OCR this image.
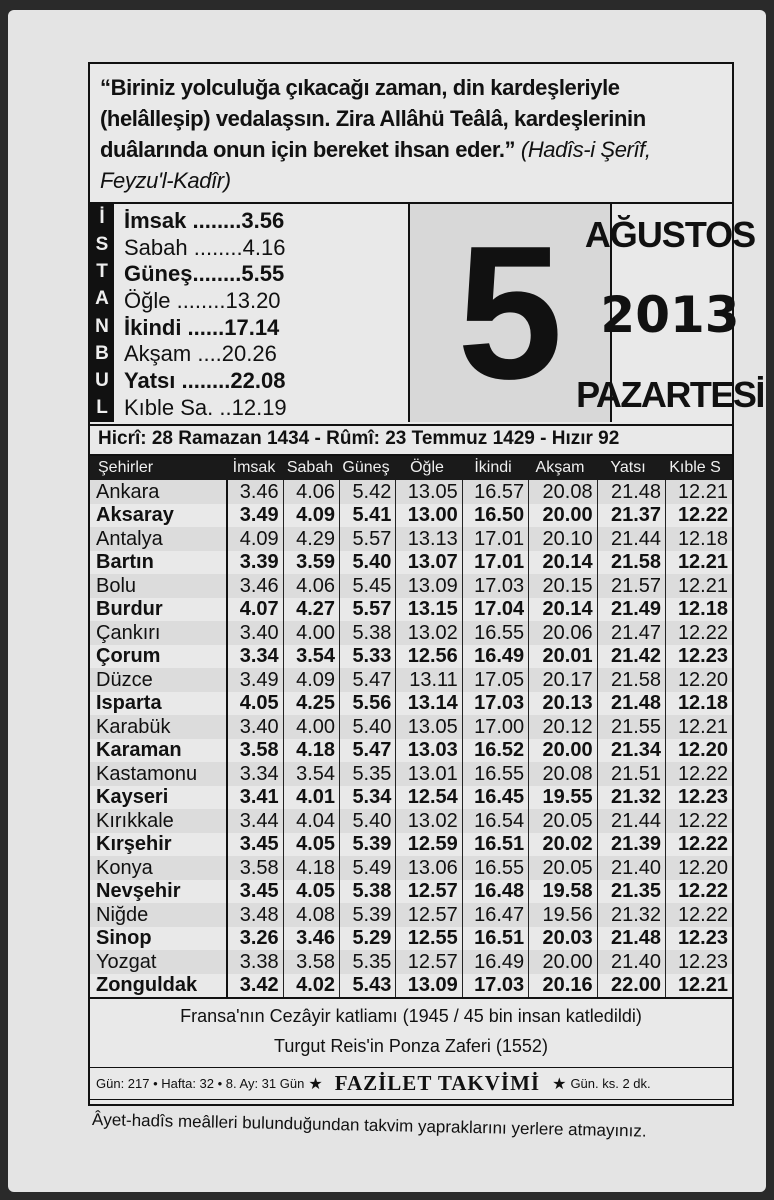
“Biriniz yolculuğa çıkacağı zaman, din kardeşleriyle (helâlleşip) vedalaşsın. Zira Allâhü Teâlâ, kardeşlerinin duâlarında onun için bereket ihsan eder.” (Hadîs-i Şerîf, Feyzu'l-Kadîr)
İ
S
T
A
N
B
U
L
İmsak ........3.56
Sabah ........4.16
Güneş........5.55
Öğle ........13.20
İkindi ......17.14
Akşam ....20.26
Yatsı ........22.08
Kıble Sa. ..12.19 5 AĞUSTOS
2013
PAZARTESİ
Hicrî: 28 Ramazan 1434 - Rûmî: 23 Temmuz 1429 - Hızır 92
Şehirler	İmsak Sabah Güneş	Öğle	İkindi	Akşam	Yatsı	Kıble S
Ankara	3.46	4.06	5.42	13.05	16.57	20.08	21.48	12.21
Aksaray	3.49	4.09	5.41	13.00	16.50	20.00	21.37	12.22
Antalya	4.09	4.29	5.57	13.13	17.01	20.10	21.44	12.18
Bartın	3.39	3.59	5.40	13.07	17.01	20.14	21.58	12.21
Bolu	3.46	4.06	5.45	13.09	17.03	20.15	21.57	12.21
Burdur	4.07	4.27	5.57	13.15	17.04	20.14	21.49	12.18
Çankırı	3.40	4.00	5.38	13.02	16.55	20.06	21.47	12.22
Çorum	3.34	3.54	5.33	12.56	16.49	20.01	21.42	12.23
Düzce	3.49	4.09	5.47	13.11	17.05	20.17	21.58	12.20
Isparta	4.05	4.25	5.56	13.14	17.03	20.13	21.48	12.18
Karabük	3.40	4.00	5.40	13.05	17.00	20.12	21.55	12.21
Karaman	3.58	4.18	5.47	13.03	16.52	20.00	21.34	12.20
Kastamonu	3.34	3.54	5.35	13.01	16.55	20.08	21.51	12.22
Kayseri	3.41	4.01	5.34	12.54	16.45	19.55	21.32	12.23
Kırıkkale	3.44	4.04	5.40	13.02	16.54	20.05	21.44	12.22
Kırşehir	3.45	4.05	5.39	12.59	16.51	20.02	21.39	12.22
Konya	3.58	4.18	5.49	13.06	16.55	20.05	21.40	12.20
Nevşehir	3.45	4.05	5.38	12.57	16.48	19.58	21.35	12.22
Niğde	3.48	4.08	5.39	12.57	16.47	19.56	21.32	12.22
Sinop	3.26	3.46	5.29	12.55	16.51	20.03	21.48	12.23
Yozgat	3.38	3.58	5.35	12.57	16.49	20.00	21.40	12.23
Zonguldak	3.42	4.02	5.43	13.09	17.03	20.16	22.00	12.21
Fransa'nın Cezâyir katliamı (1945 / 45 bin insan katledildi)
Turgut Reis'in Ponza Zaferi (1552)
Gün: 217 • Hafta: 32 • 8. Ay: 31 Gün ★ FAZİLET TAKVİMİ ★ Gün. ks. 2 dk.
Âyet-hadîs meâlleri bulunduğundan takvim yapraklarını yerlere atmayınız.
